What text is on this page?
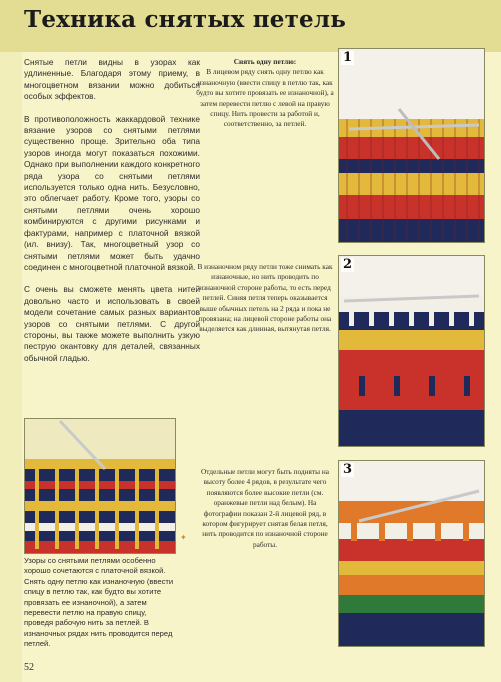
Техника снятых петель

Снятые петли видны в узорах как удлиненные. Благодаря этому приему, в многоцветном вязании можно добиться особых эффектов.

В противоположность жаккардовой технике вязание узоров со снятыми петлями существенно проще. Зрительно оба типа узоров иногда могут показаться похожими. Однако при выполнении каждого конкретного ряда узора со снятыми петлями используется только одна нить. Безусловно, это облегчает работу. Кроме того, узоры со снятыми петлями очень хорошо комбинируются с другими рисунками и фактурами, например с платочной вязкой (ил. внизу). Так, многоцветный узор со снятыми петлями может быть удачно соединен с многоцветной платочной вязкой.

С очень вы сможете менять цвета нитей довольно часто и использовать в своей модели сочетание самых разных вариантов узоров со снятыми петлями. С другой стороны, вы также можете выполнить узкую пеструю окантовку для деталей, связанных обычной гладью.

Снять одну петлю:
В лицевом ряду снять одну петлю как изнаночную (ввести спицу в петлю так, как будто вы хотите провязать ее изнаночной), а затем перевести петлю с левой на правую спицу. Нить провести за работой и, соответственно, за петлей.
В изнаночном ряду петли тоже снимать как изнаночные, но нить проводить по изнаночной стороне работы, то есть перед петлей. Синяя петля теперь оказывается выше обычных петель на 2 ряда и пока не провязана; на лицевой стороне работы она выделяется как длинная, вытянутая петля.
Отдельные петли могут быть подняты на высоту более 4 рядов, в результате чего появляются более высокие петли (см. оранжевые петли над белым). На фотографии показан 2-й лицевой ряд, в котором фигурирует снятая белая петля, нить проводится по изнаночной стороне работы.
1
2
3
✦
Узоры со снятыми петлями особенно хорошо сочетаются с платочной вязкой. Снять одну петлю как изнаночную (ввести спицу в петлю так, как будто вы хотите провязать ее изнаночной), а затем перевести петлю на правую спицу, проведя рабочую нить за петлей. В изнаночных рядах нить проводится перед петлей.
52
